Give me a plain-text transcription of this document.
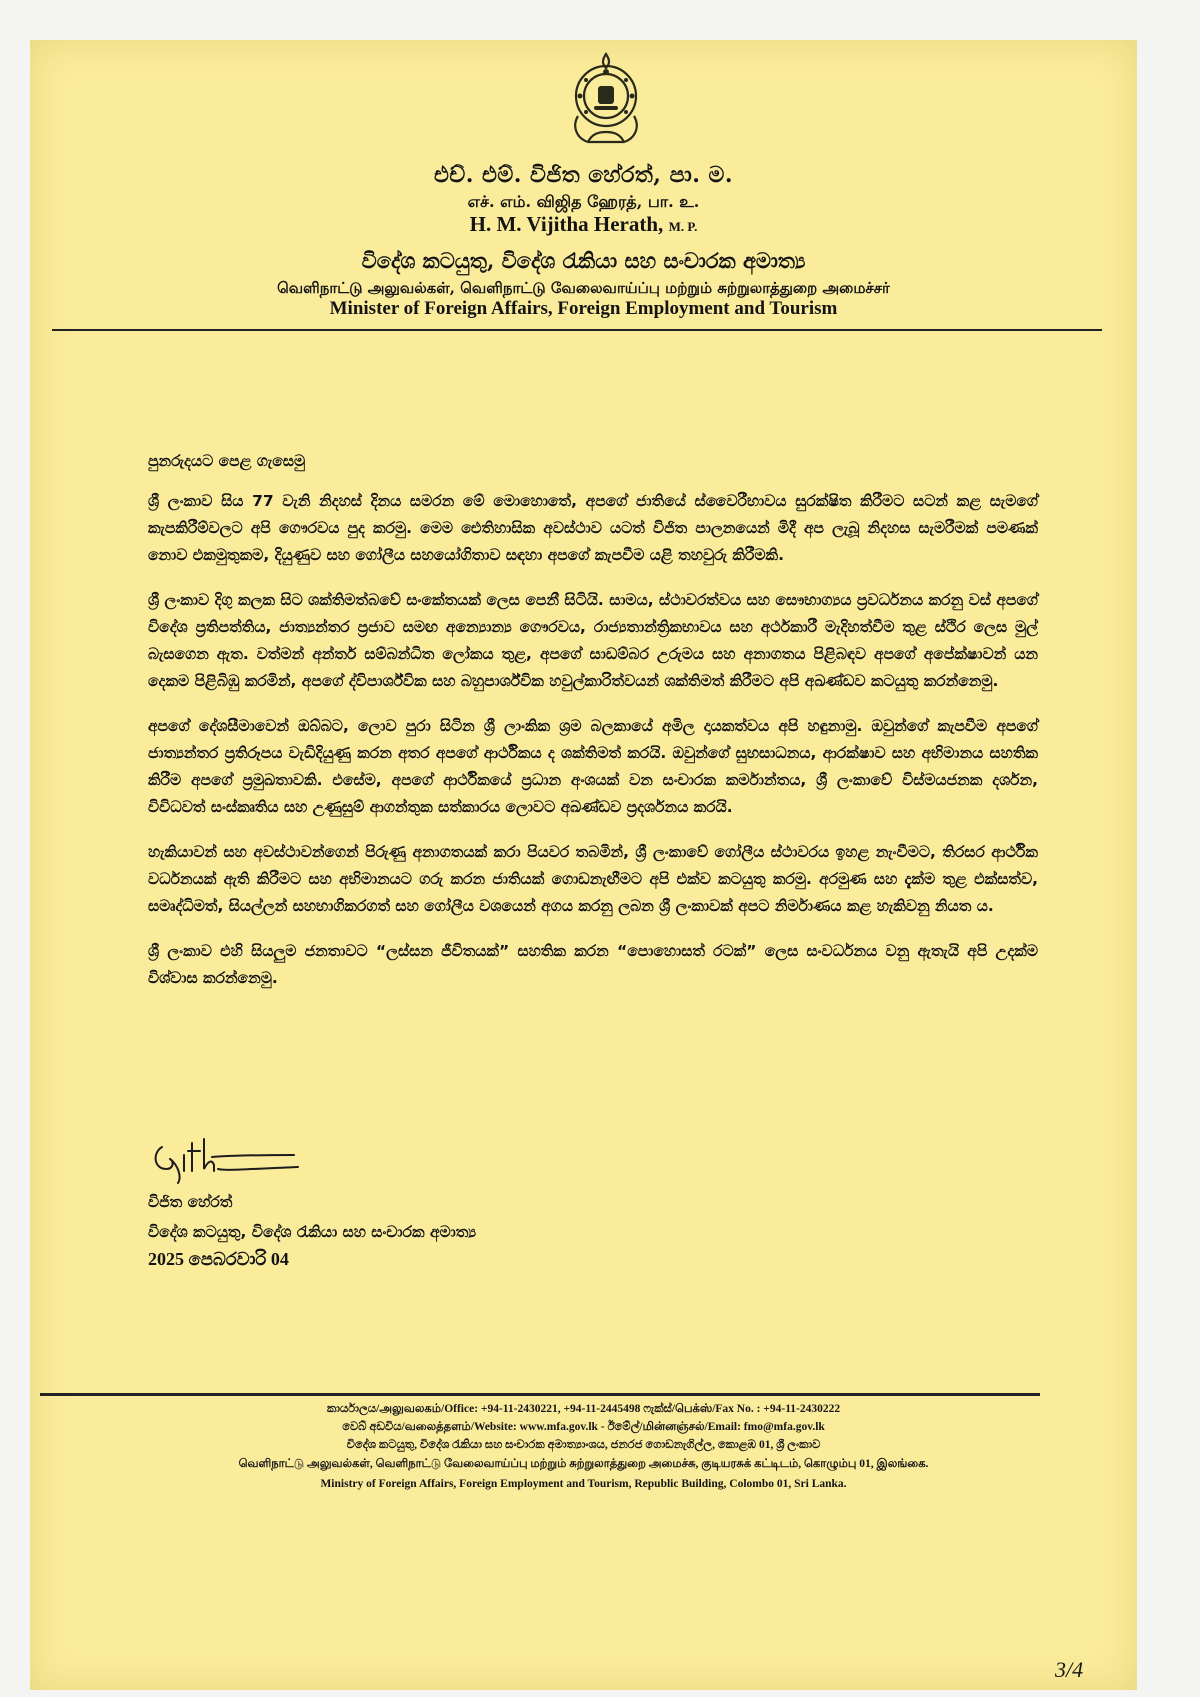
එච්. එම්. විජිත හේරත්, පා. ම.
எச். எம். விஜித ஹேரத், பா. உ.
H. M. Vijitha Herath, M. P.
විදේශ කටයුතු, විදේශ රැකියා සහ සංචාරක අමාත්‍ය
வெளிநாட்டு அலுவல்கள், வெளிநாட்டு வேலைவாய்ப்பு மற்றும் சுற்றுலாத்துறை அமைச்சர்
Minister of Foreign Affairs, Foreign Employment and Tourism

පුනරුදයට පෙළ ගැසෙමු

ශ්‍රී ලංකාව සිය 77 වැනි නිදහස් දිනය සමරන මේ මොහොතේ, අපගේ ජාතියේ ස්වෛරීභාවය සුරක්ෂිත කිරීමට සටන් කළ සැමගේ කැපකිරීම්වලට අපි ගෞරවය පුද කරමු. මෙම ඓතිහාසික අවස්ථාව යටත් විජිත පාලනයෙන් මිදී අප ලැබූ නිදහස සැමරීමක් පමණක් නොව එකමුතුකම, දියුණුව සහ ගෝලීය සහයෝගිතාව සඳහා අපගේ කැපවීම යළි තහවුරු කිරීමකි.

ශ්‍රී ලංකාව දිගු කලක සිට ශක්තිමත්බවේ සංකේතයක් ලෙස පෙනී සිටියි. සාමය, ස්ථාවරත්වය සහ සෞභාග්‍යය ප්‍රවර්ධනය කරනු වස් අපගේ විදේශ ප්‍රතිපත්තිය, ජාත්‍යන්තර ප්‍රජාව සමඟ අන්‍යොන්‍ය ගෞරවය, රාජ්‍යතාන්ත්‍රිකභාවය සහ අර්ථකාරී මැදිහත්වීම තුළ ස්ථිර ලෙස මුල් බැසගෙන ඇත. වත්මන් අන්තර් සම්බන්ධිත ලෝකය තුළ, අපගේ සාඩම්බර උරුමය සහ අනාගතය පිළිබඳව අපගේ අපේක්ෂාවන් යන දෙකම පිළිබිඹු කරමින්, අපගේ ද්විපාර්ශ්වික සහ බහුපාර්ශ්වික හවුල්කාරිත්වයන් ශක්තිමත් කිරීමට අපි අඛණ්ඩව කටයුතු කරන්නෙමු.

අපගේ දේශසීමාවෙන් ඔබ්බට, ලොව පුරා සිටින ශ්‍රී ලාංකික ශ්‍රම බලකායේ අමිල දායකත්වය අපි හඳුනාමු. ඔවුන්ගේ කැපවීම අපගේ ජාත්‍යන්තර ප්‍රතිරූපය වැඩිදියුණු කරන අතර අපගේ ආර්ථිකය ද ශක්තිමත් කරයි. ඔවුන්ගේ සුභසාධනය, ආරක්ෂාව සහ අභිමානය සහතික කිරීම අපගේ ප්‍රමුඛතාවකි. එසේම, අපගේ ආර්ථිකයේ ප්‍රධාන අංශයක් වන සංචාරක කර්මාන්තය, ශ්‍රී ලංකාවේ විස්මයජනක දර්ශන, විවිධවත් සංස්කෘතිය සහ උණුසුම් ආගන්තුක සත්කාරය ලොවට අඛණ්ඩව ප්‍රදර්ශනය කරයි.

හැකියාවන් සහ අවස්ථාවන්ගෙන් පිරුණු අනාගතයක් කරා පියවර තබමින්, ශ්‍රී ලංකාවේ ගෝලීය ස්ථාවරය ඉහළ නැංවීමට, තිරසර ආර්ථික වර්ධනයක් ඇති කිරීමට සහ අභිමානයට ගරු කරන ජාතියක් ගොඩනැඟීමට අපි එක්ව කටයුතු කරමු. අරමුණ සහ දැක්ම තුළ එක්සත්ව, සමෘද්ධිමත්, සියල්ලන් සහභාගිකරගත් සහ ගෝලීය වශයෙන් අගය කරනු ලබන ශ්‍රී ලංකාවක් අපට නිර්මාණය කළ හැකිවනු නියත ය.

ශ්‍රී ලංකාව එහි සියලුම ජනතාවට “ලස්සන ජීවිතයක්” සහතික කරන “පොහොසත් රටක්” ලෙස සංවර්ධනය වනු ඇතැයි අපි උදක්ම විශ්වාස කරන්නෙමු.

විජිත හේරත්
විදේශ කටයුතු, විදේශ රැකියා සහ සංචාරක අමාත්‍ය
2025 පෙබරවාරි 04
කාර්යාලය/அலுவலகம்/Office: +94-11-2430221, +94-11-2445498 ෆැක්ස්/பெக்ஸ்/Fax No. : +94-11-2430222
වෙබ් අඩවිය/வலைத்தளம்/Website: www.mfa.gov.lk - ඊමේල්/மின்னஞ்சல்/Email: fmo@mfa.gov.lk
විදේශ කටයුතු, විදේශ රැකියා සහ සංචාරක අමාත්‍යාංශය, ජනරජ ගොඩනැගිල්ල, කොළඹ 01, ශ්‍රී ලංකාව
வெளிநாட்டு அலுவல்கள், வெளிநாட்டு வேலைவாய்ப்பு மற்றும் சுற்றுலாத்துறை அமைச்சு, குடியரசுக் கட்டிடம், கொழும்பு 01, இலங்கை.
Ministry of Foreign Affairs, Foreign Employment and Tourism, Republic Building, Colombo 01, Sri Lanka.
3/4
